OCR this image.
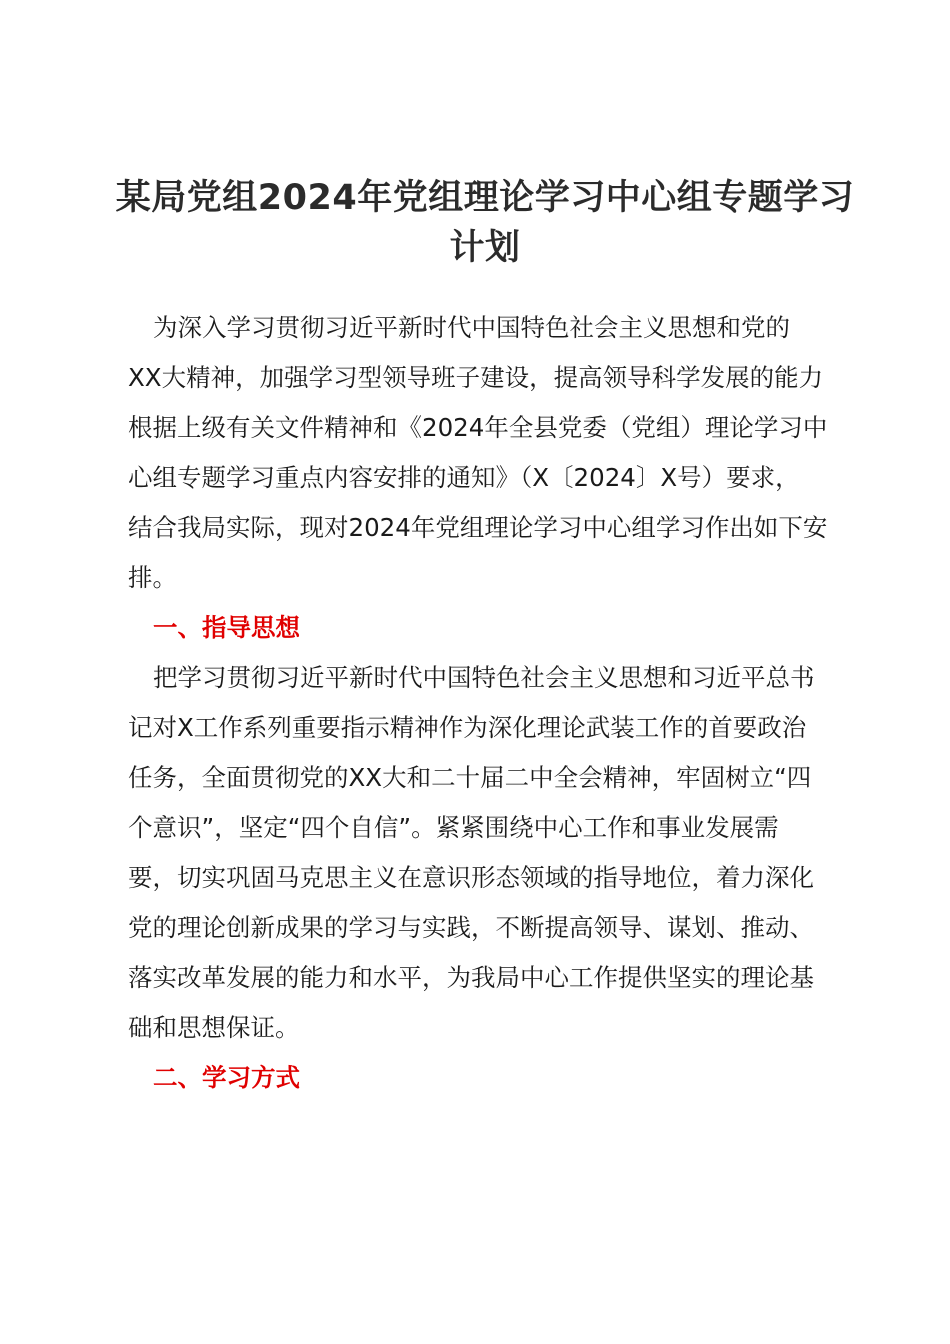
某局党组2024年党组理论学习中心组专题学习
计划
为深入学习贯彻习近平新时代中国特色社会主义思想和党的
XX大精神，加强学习型领导班子建设，提高领导科学发展的能力
根据上级有关文件精神和《2024年全县党委（党组）理论学习中
心组专题学习重点内容安排的通知》（X〔2024〕X号）要求，
结合我局实际，现对2024年党组理论学习中心组学习作出如下安
排。
一、指导思想
把学习贯彻习近平新时代中国特色社会主义思想和习近平总书
记对X工作系列重要指示精神作为深化理论武装工作的首要政治
任务，全面贯彻党的XX大和二十届二中全会精神，牢固树立“四
个意识”，坚定“四个自信”。紧紧围绕中心工作和事业发展需
要，切实巩固马克思主义在意识形态领域的指导地位，着力深化
党的理论创新成果的学习与实践，不断提高领导、谋划、推动、
落实改革发展的能力和水平，为我局中心工作提供坚实的理论基
础和思想保证。
二、学习方式
